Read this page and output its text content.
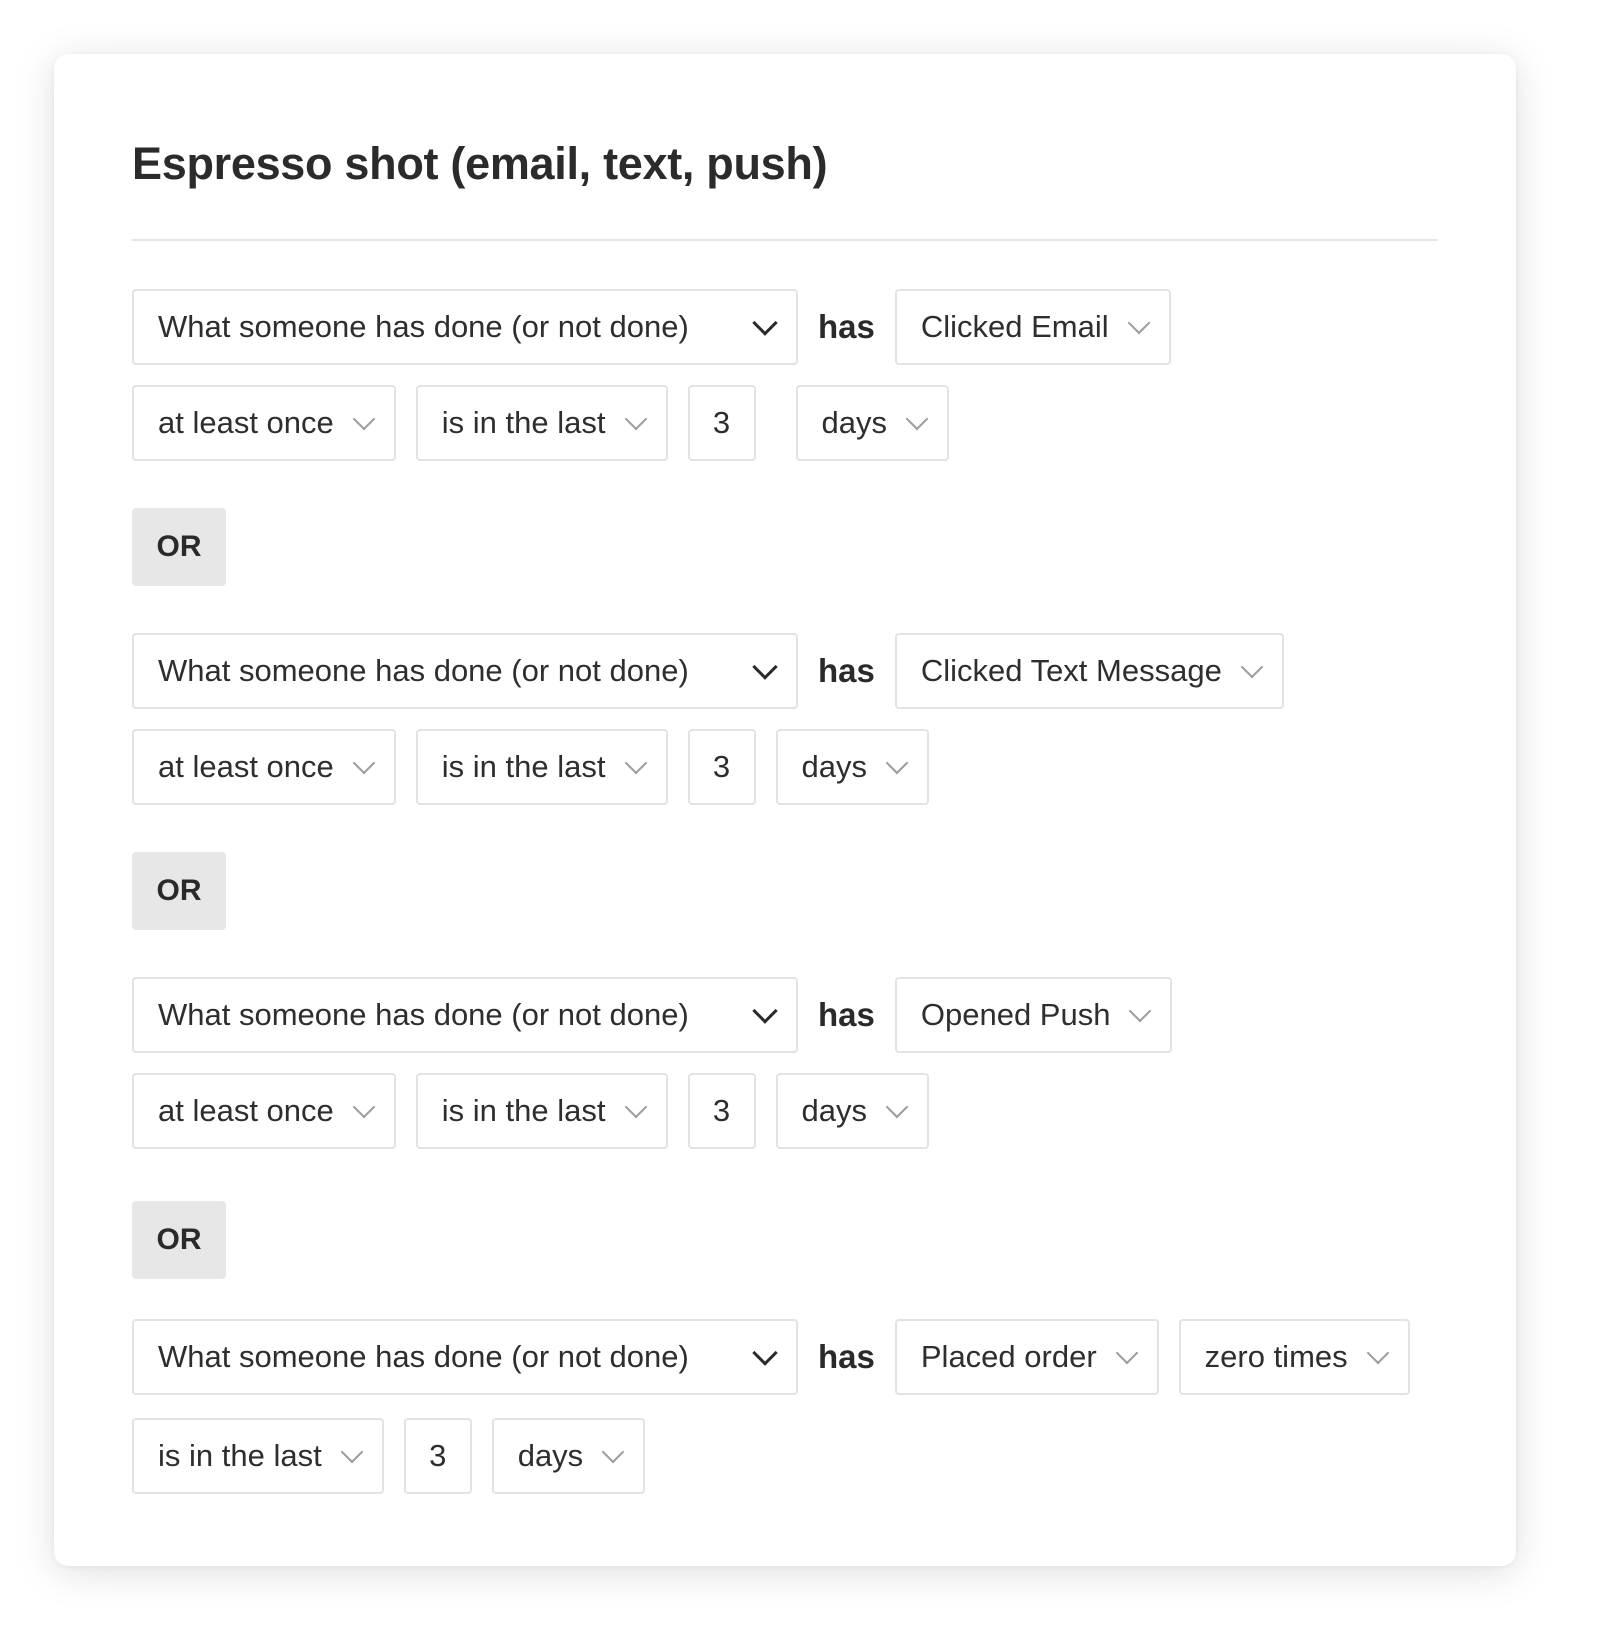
Espresso shot (email, text, push)
What someone has done (or not done)	has Clicked Email
at least once	is in the last	3	days
OR
What someone has done (or not done)	has Clicked Text Message
at least once	is in the last	3	days
OR
What someone has done (or not done)	has Opened Push
at least once	is in the last	3	days
OR
What someone has done (or not done)	has Placed order	zero times
is in the last	3	days
